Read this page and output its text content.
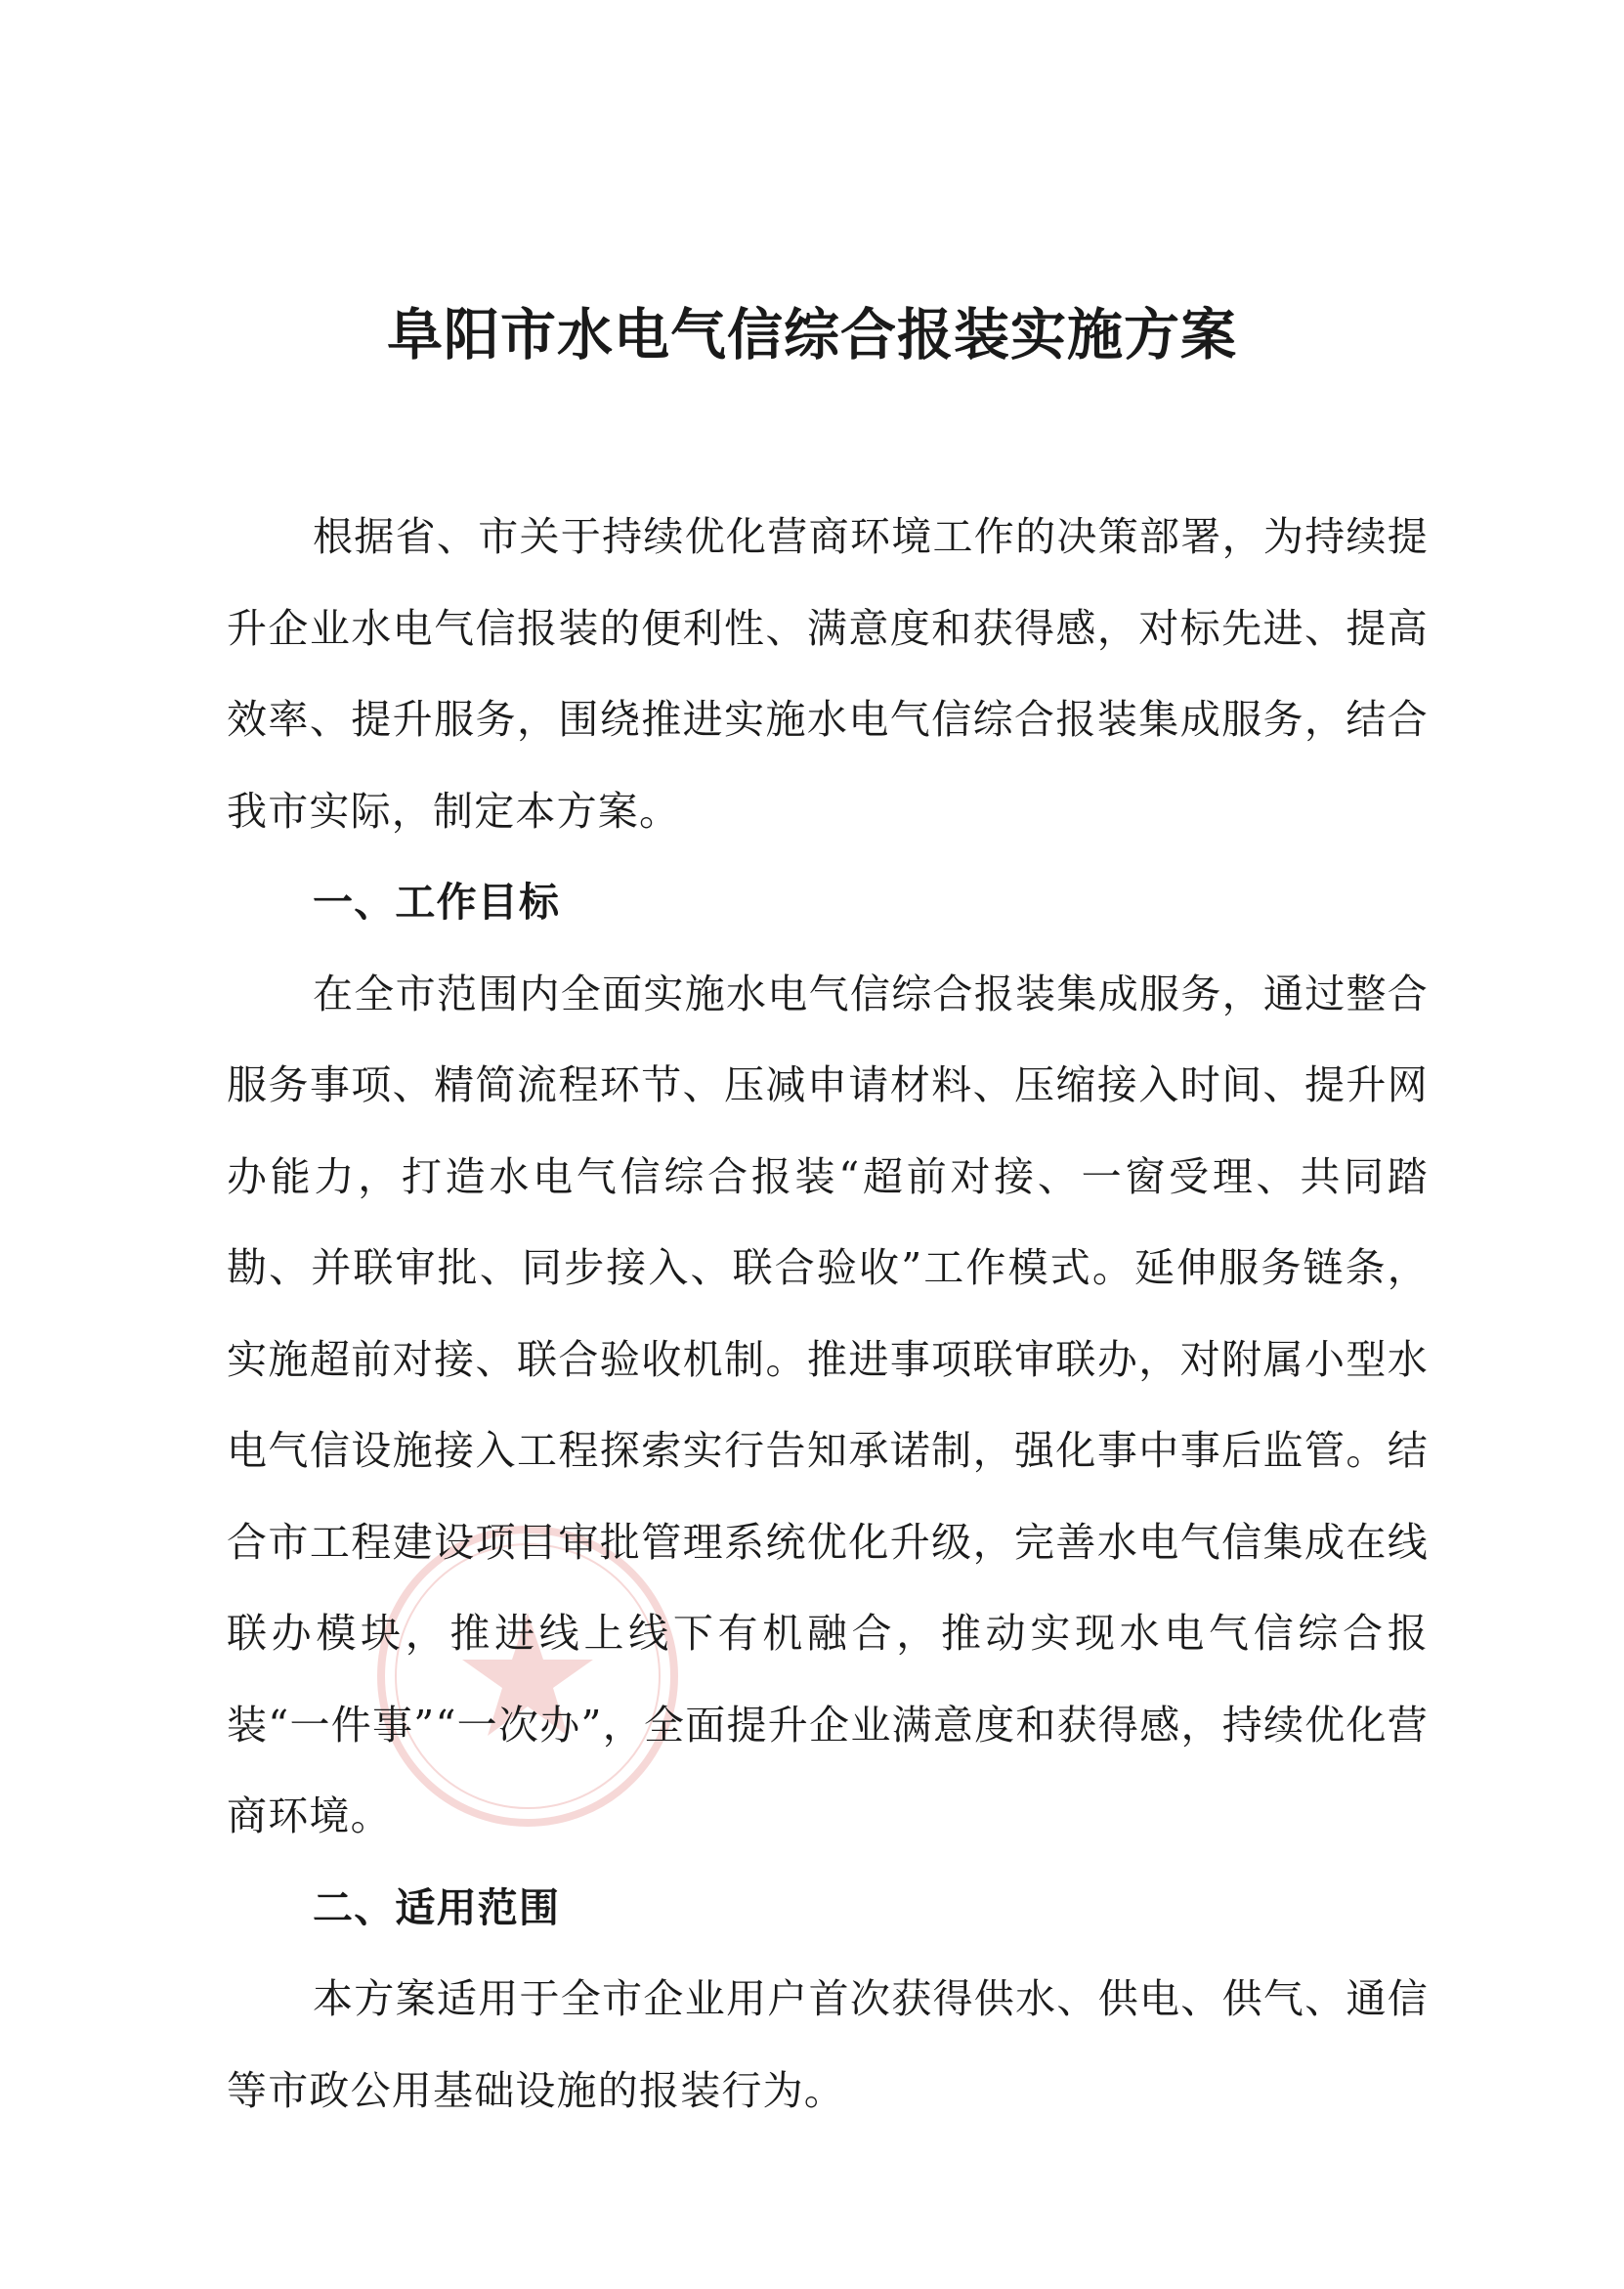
阜阳市水电气信综合报装实施方案

根据省、市关于持续优化营商环境工作的决策部署，为持续提升企业水电气信报装的便利性、满意度和获得感，对标先进、提高效率、提升服务，围绕推进实施水电气信综合报装集成服务，结合我市实际，制定本方案。

一、工作目标

在全市范围内全面实施水电气信综合报装集成服务，通过整合服务事项、精简流程环节、压减申请材料、压缩接入时间、提升网办能力，打造水电气信综合报装“超前对接、一窗受理、共同踏勘、并联审批、同步接入、联合验收”工作模式。延伸服务链条，实施超前对接、联合验收机制。推进事项联审联办，对附属小型水电气信设施接入工程探索实行告知承诺制，强化事中事后监管。结合市工程建设项目审批管理系统优化升级，完善水电气信集成在线联办模块，推进线上线下有机融合，推动实现水电气信综合报装“一件事”“一次办”，全面提升企业满意度和获得感，持续优化营商环境。

二、适用范围

本方案适用于全市企业用户首次获得供水、供电、供气、通信等市政公用基础设施的报装行为。
